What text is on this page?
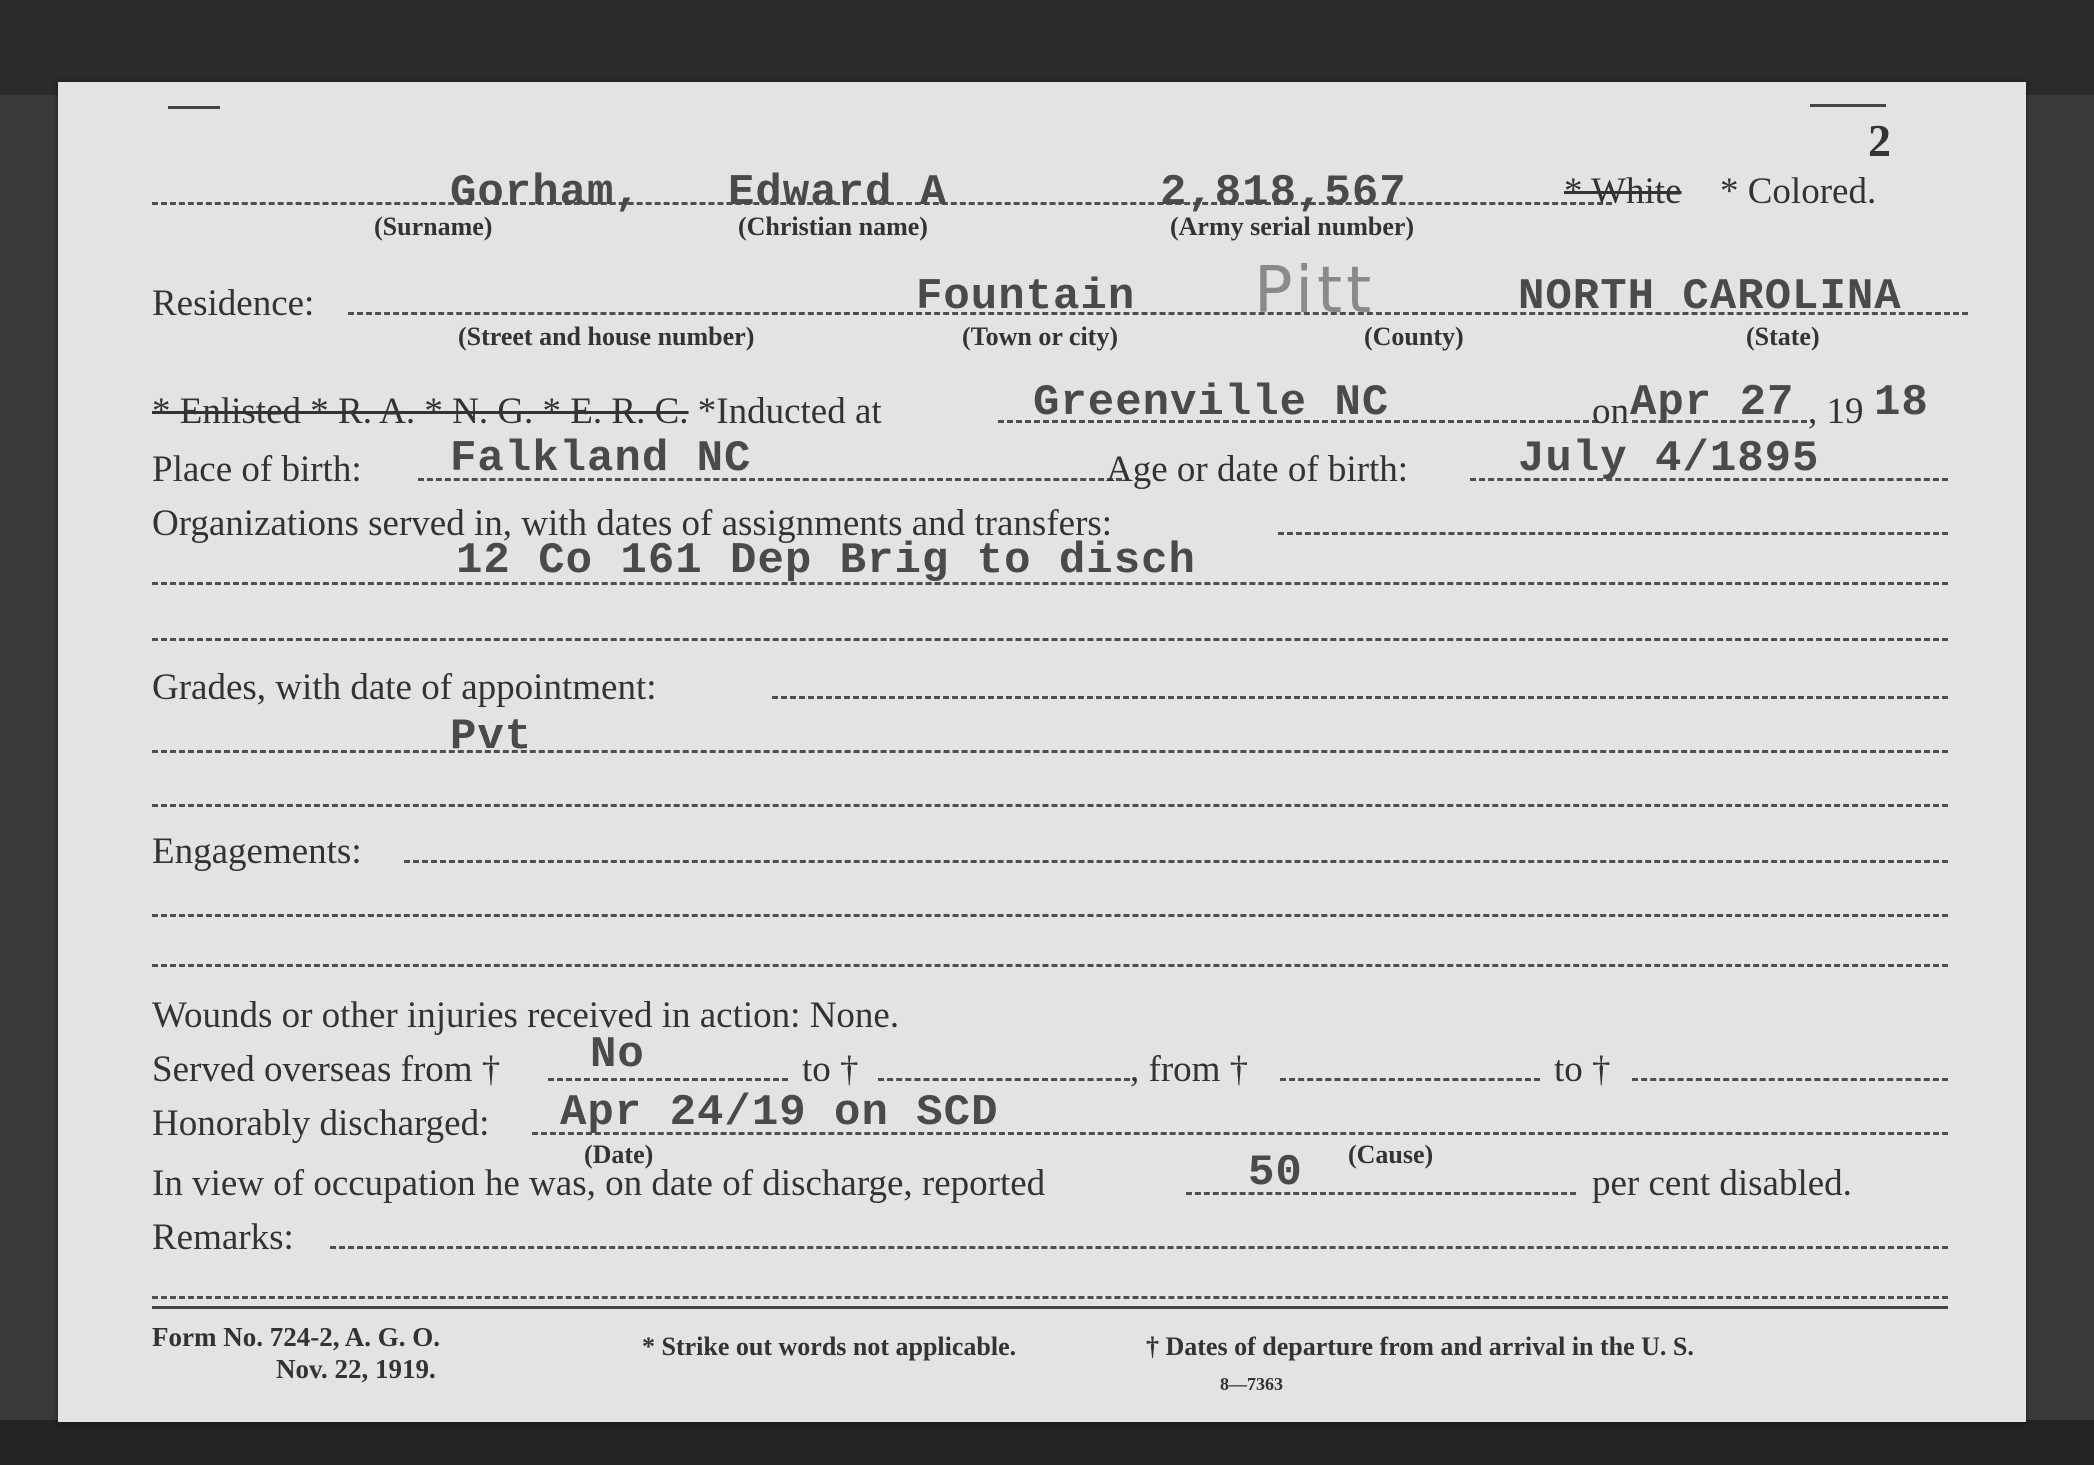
2
Gorham, Edward A	2,818,567	* White * Colored.
(Surname)	(Christian name)	(Army serial number)
Residence:	Fountain Pitt	NORTH CAROLINA
(Street and house number)	(Town or city)	(County)	(State)
* Enlisted * R. A. * N. G. * E. R. C. *Inducted at	Greenville NC	on Apr 27 , 19 18
Place of birth: Falkland NC	Age or date of birth: July 4/1895
Organizations served in, with dates of assignments and transfers:
12 Co 161 Dep Brig to disch
Grades, with date of appointment:
Pvt
Engagements:
Wounds or other injuries received in action: None.
Served overseas from † No	to †	, from †	to †
Honorably discharged: Apr 24/19 on SCD
(Date)	(Cause)
In view of occupation he was, on date of discharge, reported	50	per cent disabled.
Remarks:
Form No. 724-2, A. G. O.
Nov. 22, 1919.
* Strike out words not applicable.	† Dates of departure from and arrival in the U. S.
8—7363
